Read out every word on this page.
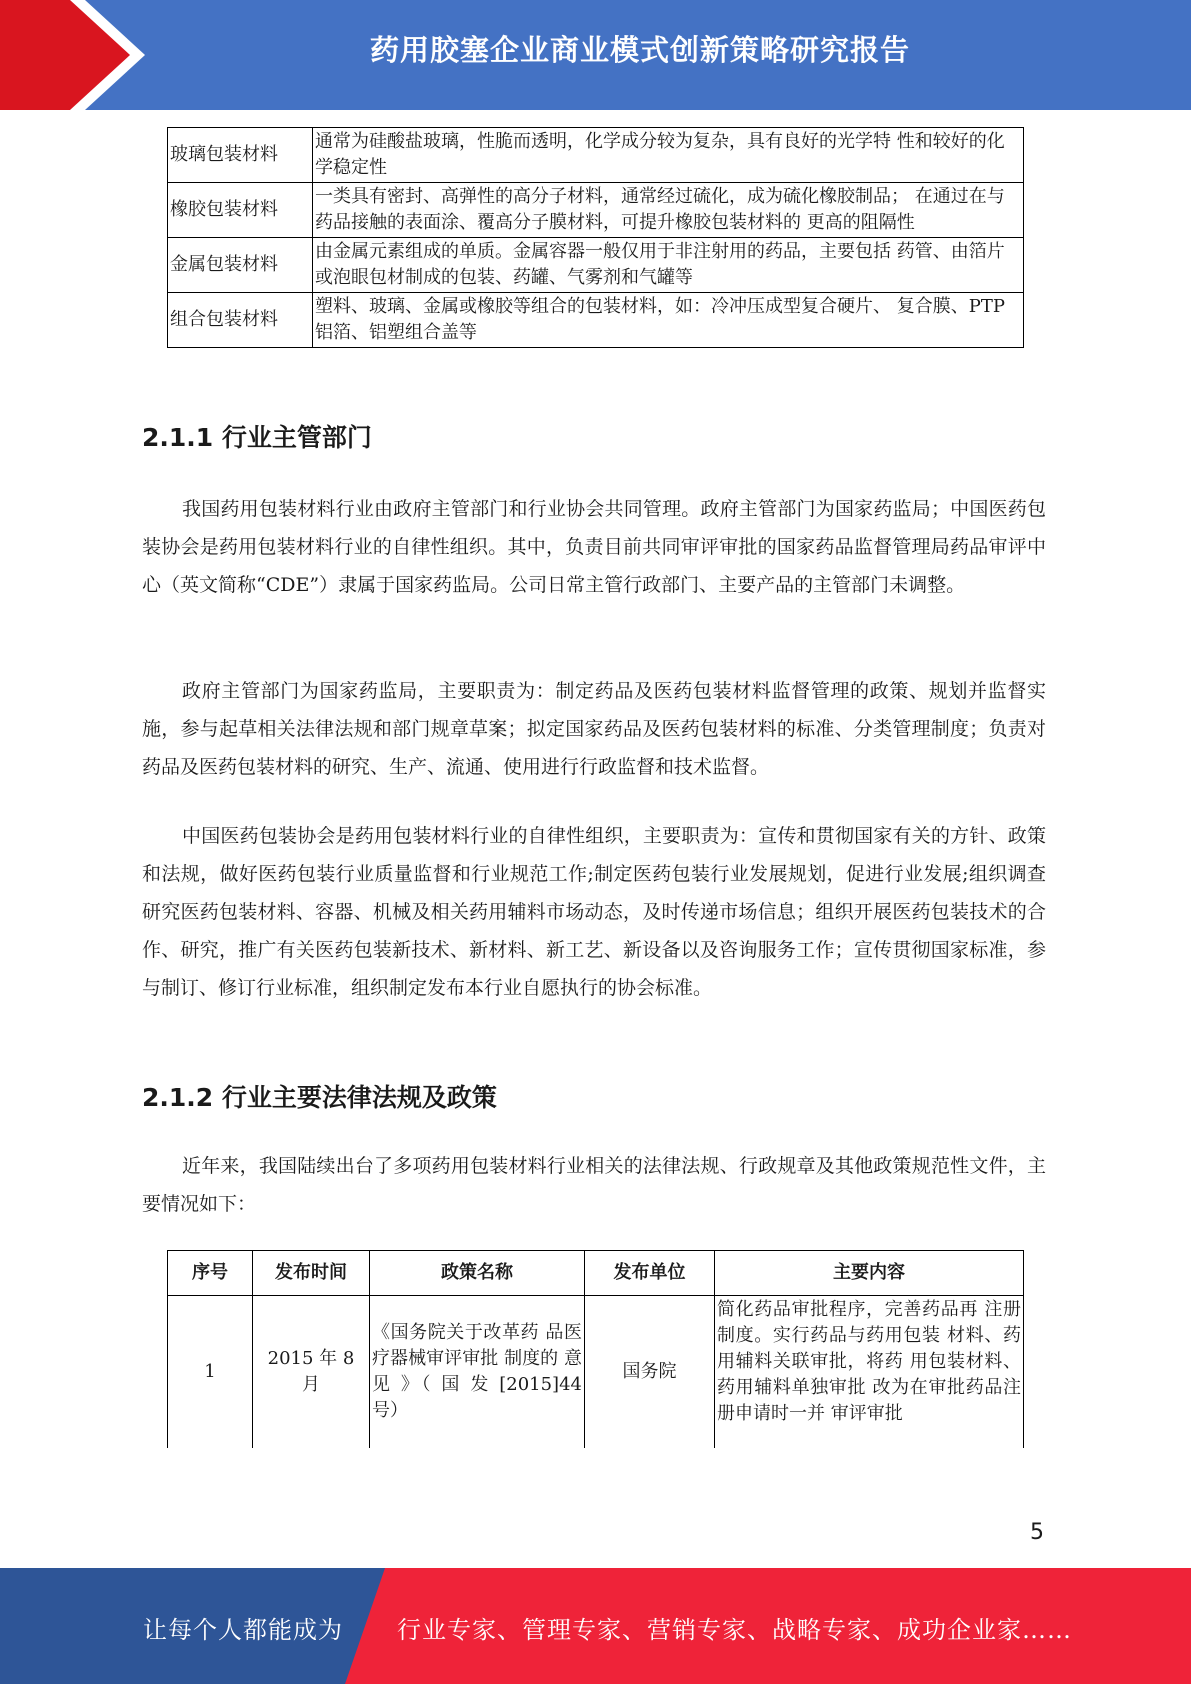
药用胶塞企业商业模式创新策略研究报告
玻璃包装材料	通常为硅酸盐玻璃，性脆而透明，化学成分较为复杂，具有良好的光学特 性和较好的化学稳定性
橡胶包装材料	一类具有密封、高弹性的高分子材料，通常经过硫化，成为硫化橡胶制品； 在通过在与药品接触的表面涂、覆高分子膜材料，可提升橡胶包装材料的 更高的阻隔性
金属包装材料	由金属元素组成的单质。金属容器一般仅用于非注射用的药品，主要包括 药管、由箔片或泡眼包材制成的包装、药罐、气雾剂和气罐等
组合包装材料	塑料、玻璃、金属或橡胶等组合的包装材料，如：冷冲压成型复合硬片、 复合膜、PTP 铝箔、铝塑组合盖等
2.1.1 行业主管部门

我国药用包装材料行业由政府主管部门和行业协会共同管理。政府主管部门为国家药监局；中国医药包装协会是药用包装材料行业的自律性组织。其中，负责目前共同审评审批的国家药品监督管理局药品审评中心（英文简称“CDE”）隶属于国家药监局。公司日常主管行政部门、主要产品的主管部门未调整。

政府主管部门为国家药监局，主要职责为：制定药品及医药包装材料监督管理的政策、规划并监督实施，参与起草相关法律法规和部门规章草案；拟定国家药品及医药包装材料的标准、分类管理制度；负责对药品及医药包装材料的研究、生产、流通、使用进行行政监督和技术监督。

中国医药包装协会是药用包装材料行业的自律性组织，主要职责为：宣传和贯彻国家有关的方针、政策和法规，做好医药包装行业质量监督和行业规范工作;制定医药包装行业发展规划，促进行业发展;组织调查研究医药包装材料、容器、机械及相关药用辅料市场动态，及时传递市场信息；组织开展医药包装技术的合作、研究，推广有关医药包装新技术、新材料、新工艺、新设备以及咨询服务工作；宣传贯彻国家标准，参与制订、修订行业标准，组织制定发布本行业自愿执行的协会标准。

2.1.2 行业主要法律法规及政策

近年来，我国陆续出台了多项药用包装材料行业相关的法律法规、行政规章及其他政策规范性文件，主要情况如下：

序号	发布时间	政策名称	发布单位	主要内容
1	2015 年 8 月	《国务院关于改革药 品医疗器械审评审批 制度的 意 见 》（ 国 发 [2015]44 号）	国务院	简化药品审批程序，完善药品再 注册制度。实行药品与药用包装 材料、药用辅料关联审批，将药 用包装材料、药用辅料单独审批 改为在审批药品注册申请时一并 审评审批
5
让每个人都能成为 行业专家、管理专家、营销专家、战略专家、成功企业家……
